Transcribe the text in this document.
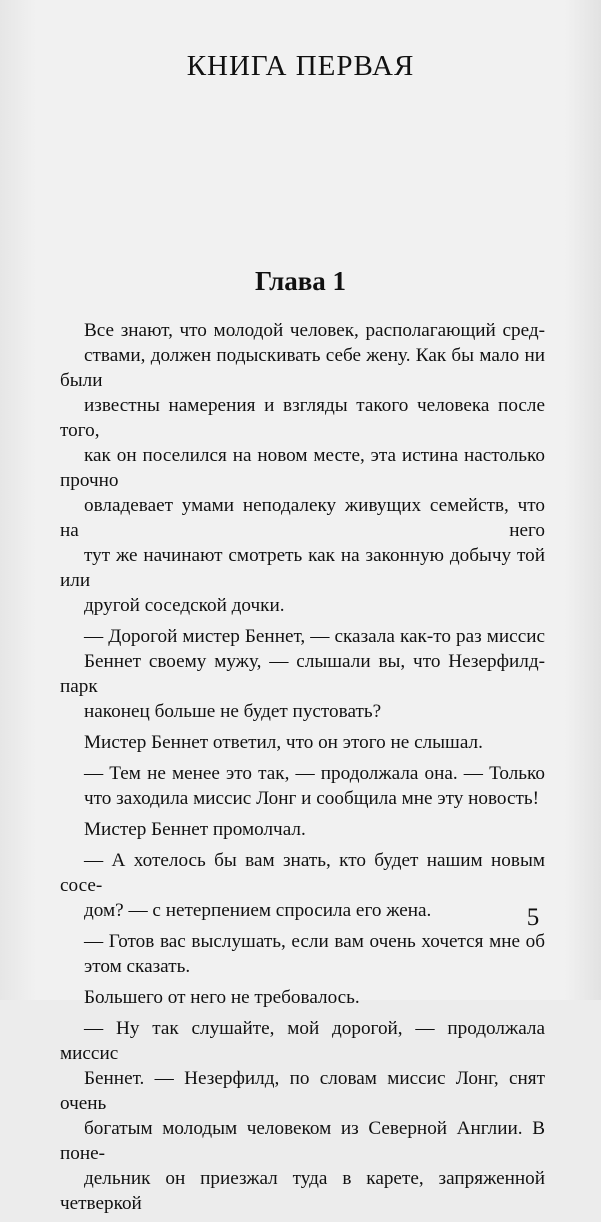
КНИГА ПЕРВАЯ
Глава 1

Все знают, что молодой человек, располагающий сред-
ствами, должен подыскивать себе жену. Как бы мало ни были
известны намерения и взгляды такого человека после того,
как он поселился на новом месте, эта истина настолько прочно
овладевает умами неподалеку живущих семейств, что на него
тут же начинают смотреть как на законную добычу той или
другой соседской дочки.

— Дорогой мистер Беннет, — сказала как-то раз миссис
Беннет своему мужу, — слышали вы, что Незерфилд-парк
наконец больше не будет пустовать?

Мистер Беннет ответил, что он этого не слышал.

— Тем не менее это так, — продолжала она. — Только
что заходила миссис Лонг и сообщила мне эту новость!

Мистер Беннет промолчал.

— А хотелось бы вам знать, кто будет нашим новым сосе-
дом? — с нетерпением спросила его жена.

— Готов вас выслушать, если вам очень хочется мне об
этом сказать.

Большего от него не требовалось.

— Ну так слушайте, мой дорогой, — продолжала миссис
Беннет. — Незерфилд, по словам миссис Лонг, снят очень
богатым молодым человеком из Северной Англии. В поне-
дельник он приезжал туда в карете, запряженной четверкой

5
